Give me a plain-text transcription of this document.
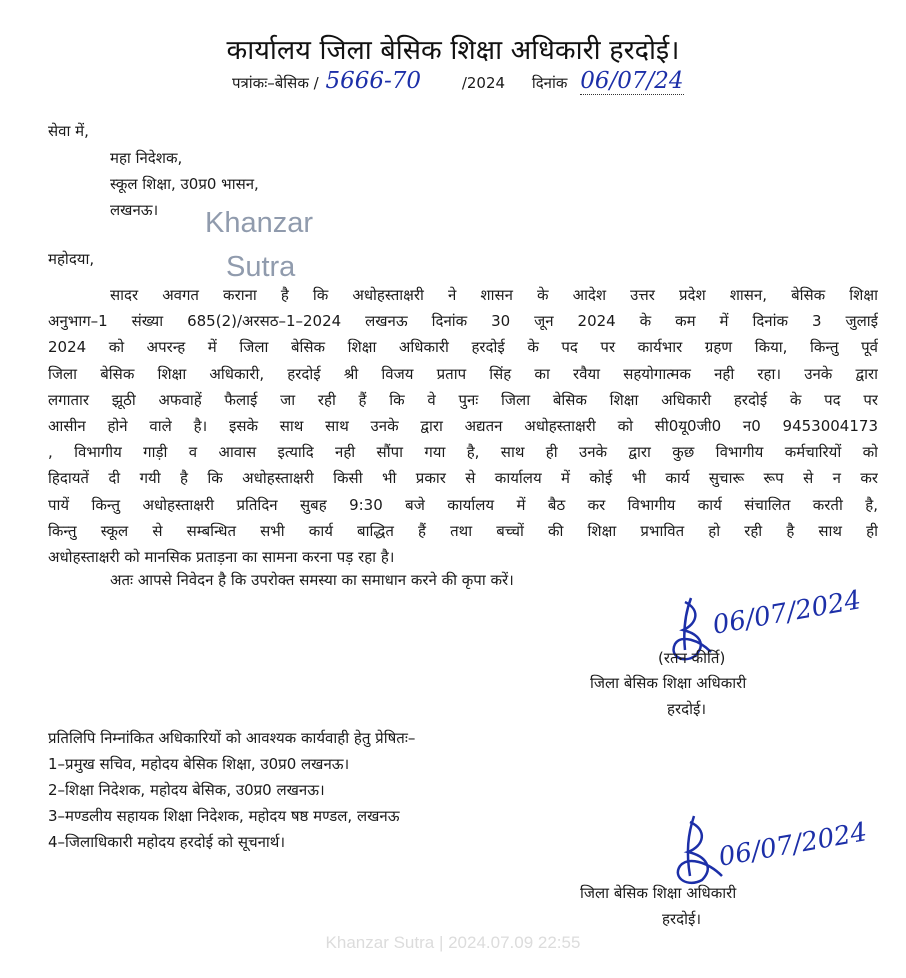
कार्यालय जिला बेसिक शिक्षा अधिकारी हरदोई।
पत्रांकः–बेसिक / 5666-70	/2024 दिनांक 06/07/24
सेवा में,
महा निदेशक,
स्कूल शिक्षा, उ0प्र0 भासन,
लखनऊ। Khanzar
Sutra
महोदया,
सादर अवगत कराना है कि अधोहस्ताक्षरी ने शासन के आदेश उत्तर प्रदेश शासन, बेसिक शिक्षा
अनुभाग–1 संख्या 685(2)/अरसठ–1–2024 लखनऊ दिनांक 30 जून 2024 के कम में दिनांक 3 जुलाई
2024 को अपरन्ह में जिला बेसिक शिक्षा अधिकारी हरदोई के पद पर कार्यभार ग्रहण किया, किन्तु पूर्व
जिला बेसिक शिक्षा अधिकारी, हरदोई श्री विजय प्रताप सिंह का रवैया सहयोगात्मक नही रहा। उनके द्वारा
लगातार झूठी अफवाहें फैलाई जा रही हैं कि वे पुनः जिला बेसिक शिक्षा अधिकारी हरदोई के पद पर
आसीन होने वाले है। इसके साथ साथ उनके द्वारा अद्यतन अधोहस्ताक्षरी को सी0यू0जी0 न0 9453004173
, विभागीय गाड़ी व आवास इत्यादि नही सौंपा गया है, साथ ही उनके द्वारा कुछ विभागीय कर्मचारियों को
हिदायतें दी गयी है कि अधोहस्ताक्षरी किसी भी प्रकार से कार्यालय में कोई भी कार्य सुचारू रूप से न कर
पायें किन्तु अधोहस्ताक्षरी प्रतिदिन सुबह 9:30 बजे कार्यालय में बैठ कर विभागीय कार्य संचालित करती है,
किन्तु स्कूल से सम्बन्धित सभी कार्य बाद्धित हैं तथा बच्चों की शिक्षा प्रभावित हो रही है साथ ही
अधोहस्ताक्षरी को मानसिक प्रताड़ना का सामना करना पड़ रहा है।
अतः आपसे निवेदन है कि उपरोक्त समस्या का समाधान करने की कृपा करें।
06/07/2024
(रतन कीर्ति)
जिला बेसिक शिक्षा अधिकारी
हरदोई।
प्रतिलिपि निम्नांकित अधिकारियों को आवश्यक कार्यवाही हेतु प्रेषितः–
1–प्रमुख सचिव, महोदय बेसिक शिक्षा, उ0प्र0 लखनऊ।
2–शिक्षा निदेशक, महोदय बेसिक, उ0प्र0 लखनऊ।
3–मण्डलीय सहायक शिक्षा निदेशक, महोदय षष्ठ मण्डल, लखनऊ
4–जिलाधिकारी महोदय हरदोई को सूचनार्थ।	06/07/2024
जिला बेसिक शिक्षा अधिकारी
हरदोई।
Khanzar Sutra | 2024.07.09 22:55
